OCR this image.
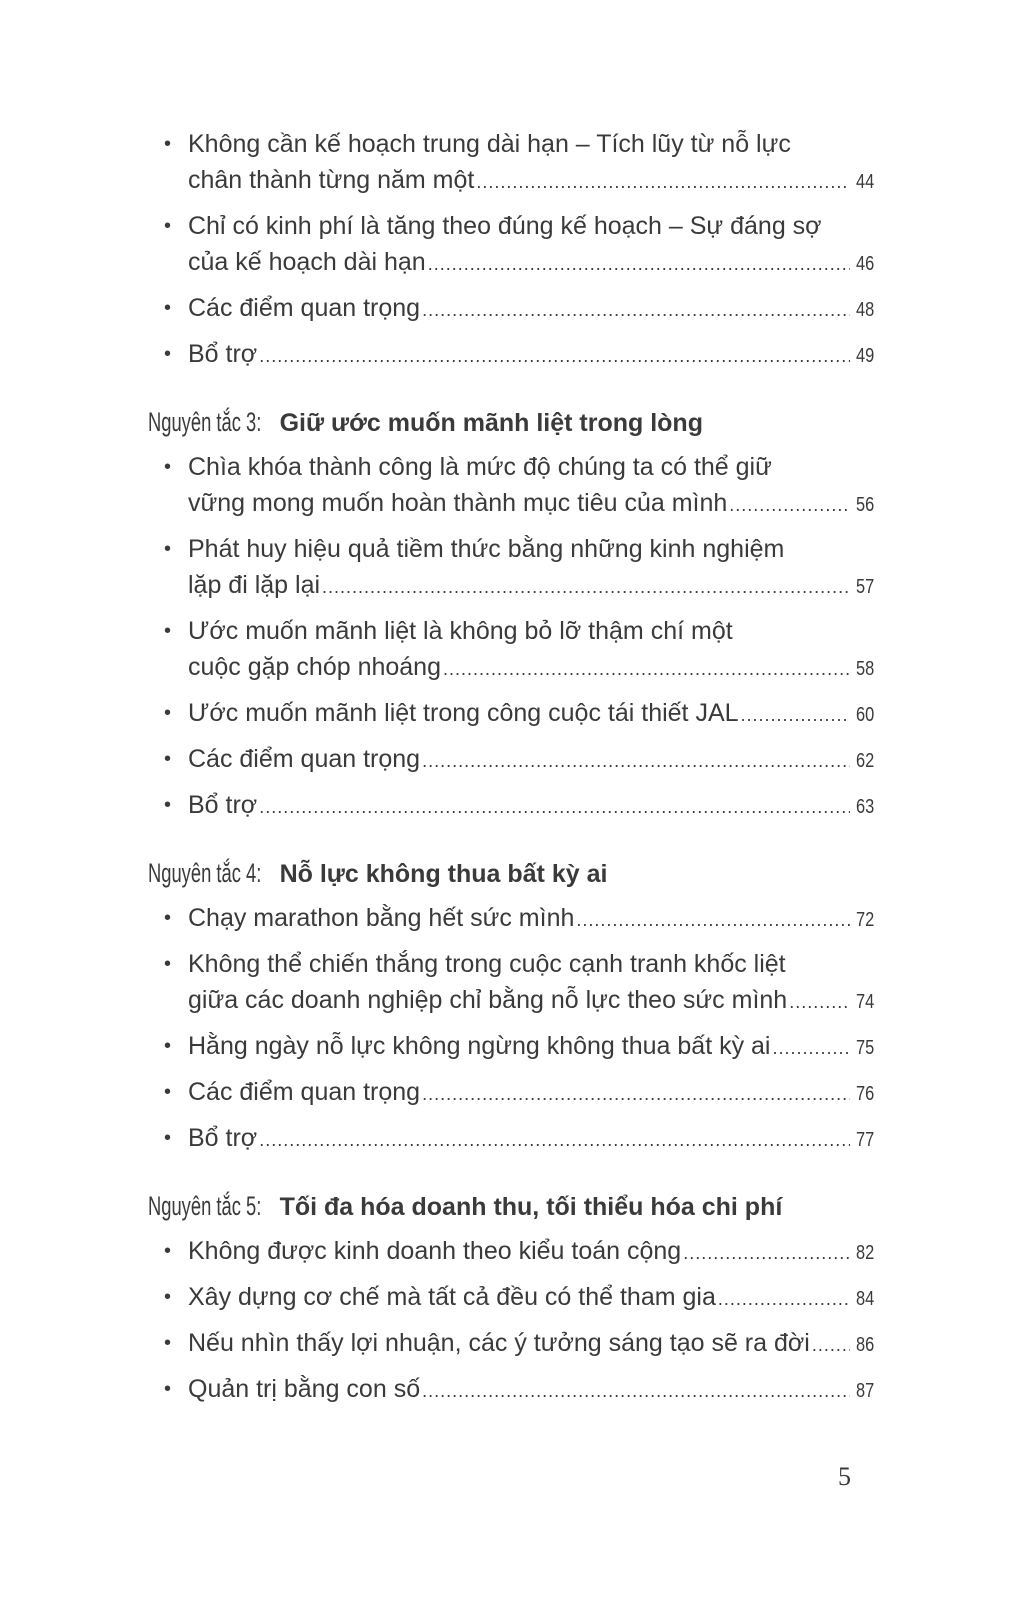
• Không cần kế hoạch trung dài hạn – Tích lũy từ nỗ lực
chân thành từng năm một .....	44
• Chỉ có kinh phí là tăng theo đúng kế hoạch – Sự đáng sợ
của kế hoạch dài hạn .....	46
• Các điểm quan trọng .....	48
• Bổ trợ .....	49
Nguyên tắc 3: Giữ ước muốn mãnh liệt trong lòng
• Chìa khóa thành công là mức độ chúng ta có thể giữ
vững mong muốn hoàn thành mục tiêu của mình .....	56
• Phát huy hiệu quả tiềm thức bằng những kinh nghiệm
lặp đi lặp lại .....	57
• Ước muốn mãnh liệt là không bỏ lỡ thậm chí một
cuộc gặp chóp nhoáng .....	58
• Ước muốn mãnh liệt trong công cuộc tái thiết JAL .....	60
• Các điểm quan trọng .....	62
• Bổ trợ .....	63
Nguyên tắc 4: Nỗ lực không thua bất kỳ ai
• Chạy marathon bằng hết sức mình .....	72
• Không thể chiến thắng trong cuộc cạnh tranh khốc liệt
giữa các doanh nghiệp chỉ bằng nỗ lực theo sức mình .....	74
• Hằng ngày nỗ lực không ngừng không thua bất kỳ ai .....	75
• Các điểm quan trọng .....	76
• Bổ trợ .....	77
Nguyên tắc 5: Tối đa hóa doanh thu, tối thiểu hóa chi phí
• Không được kinh doanh theo kiểu toán cộng .....	82
• Xây dựng cơ chế mà tất cả đều có thể tham gia .....	84
• Nếu nhìn thấy lợi nhuận, các ý tưởng sáng tạo sẽ ra đời ..... 86
• Quản trị bằng con số .....	87
5
